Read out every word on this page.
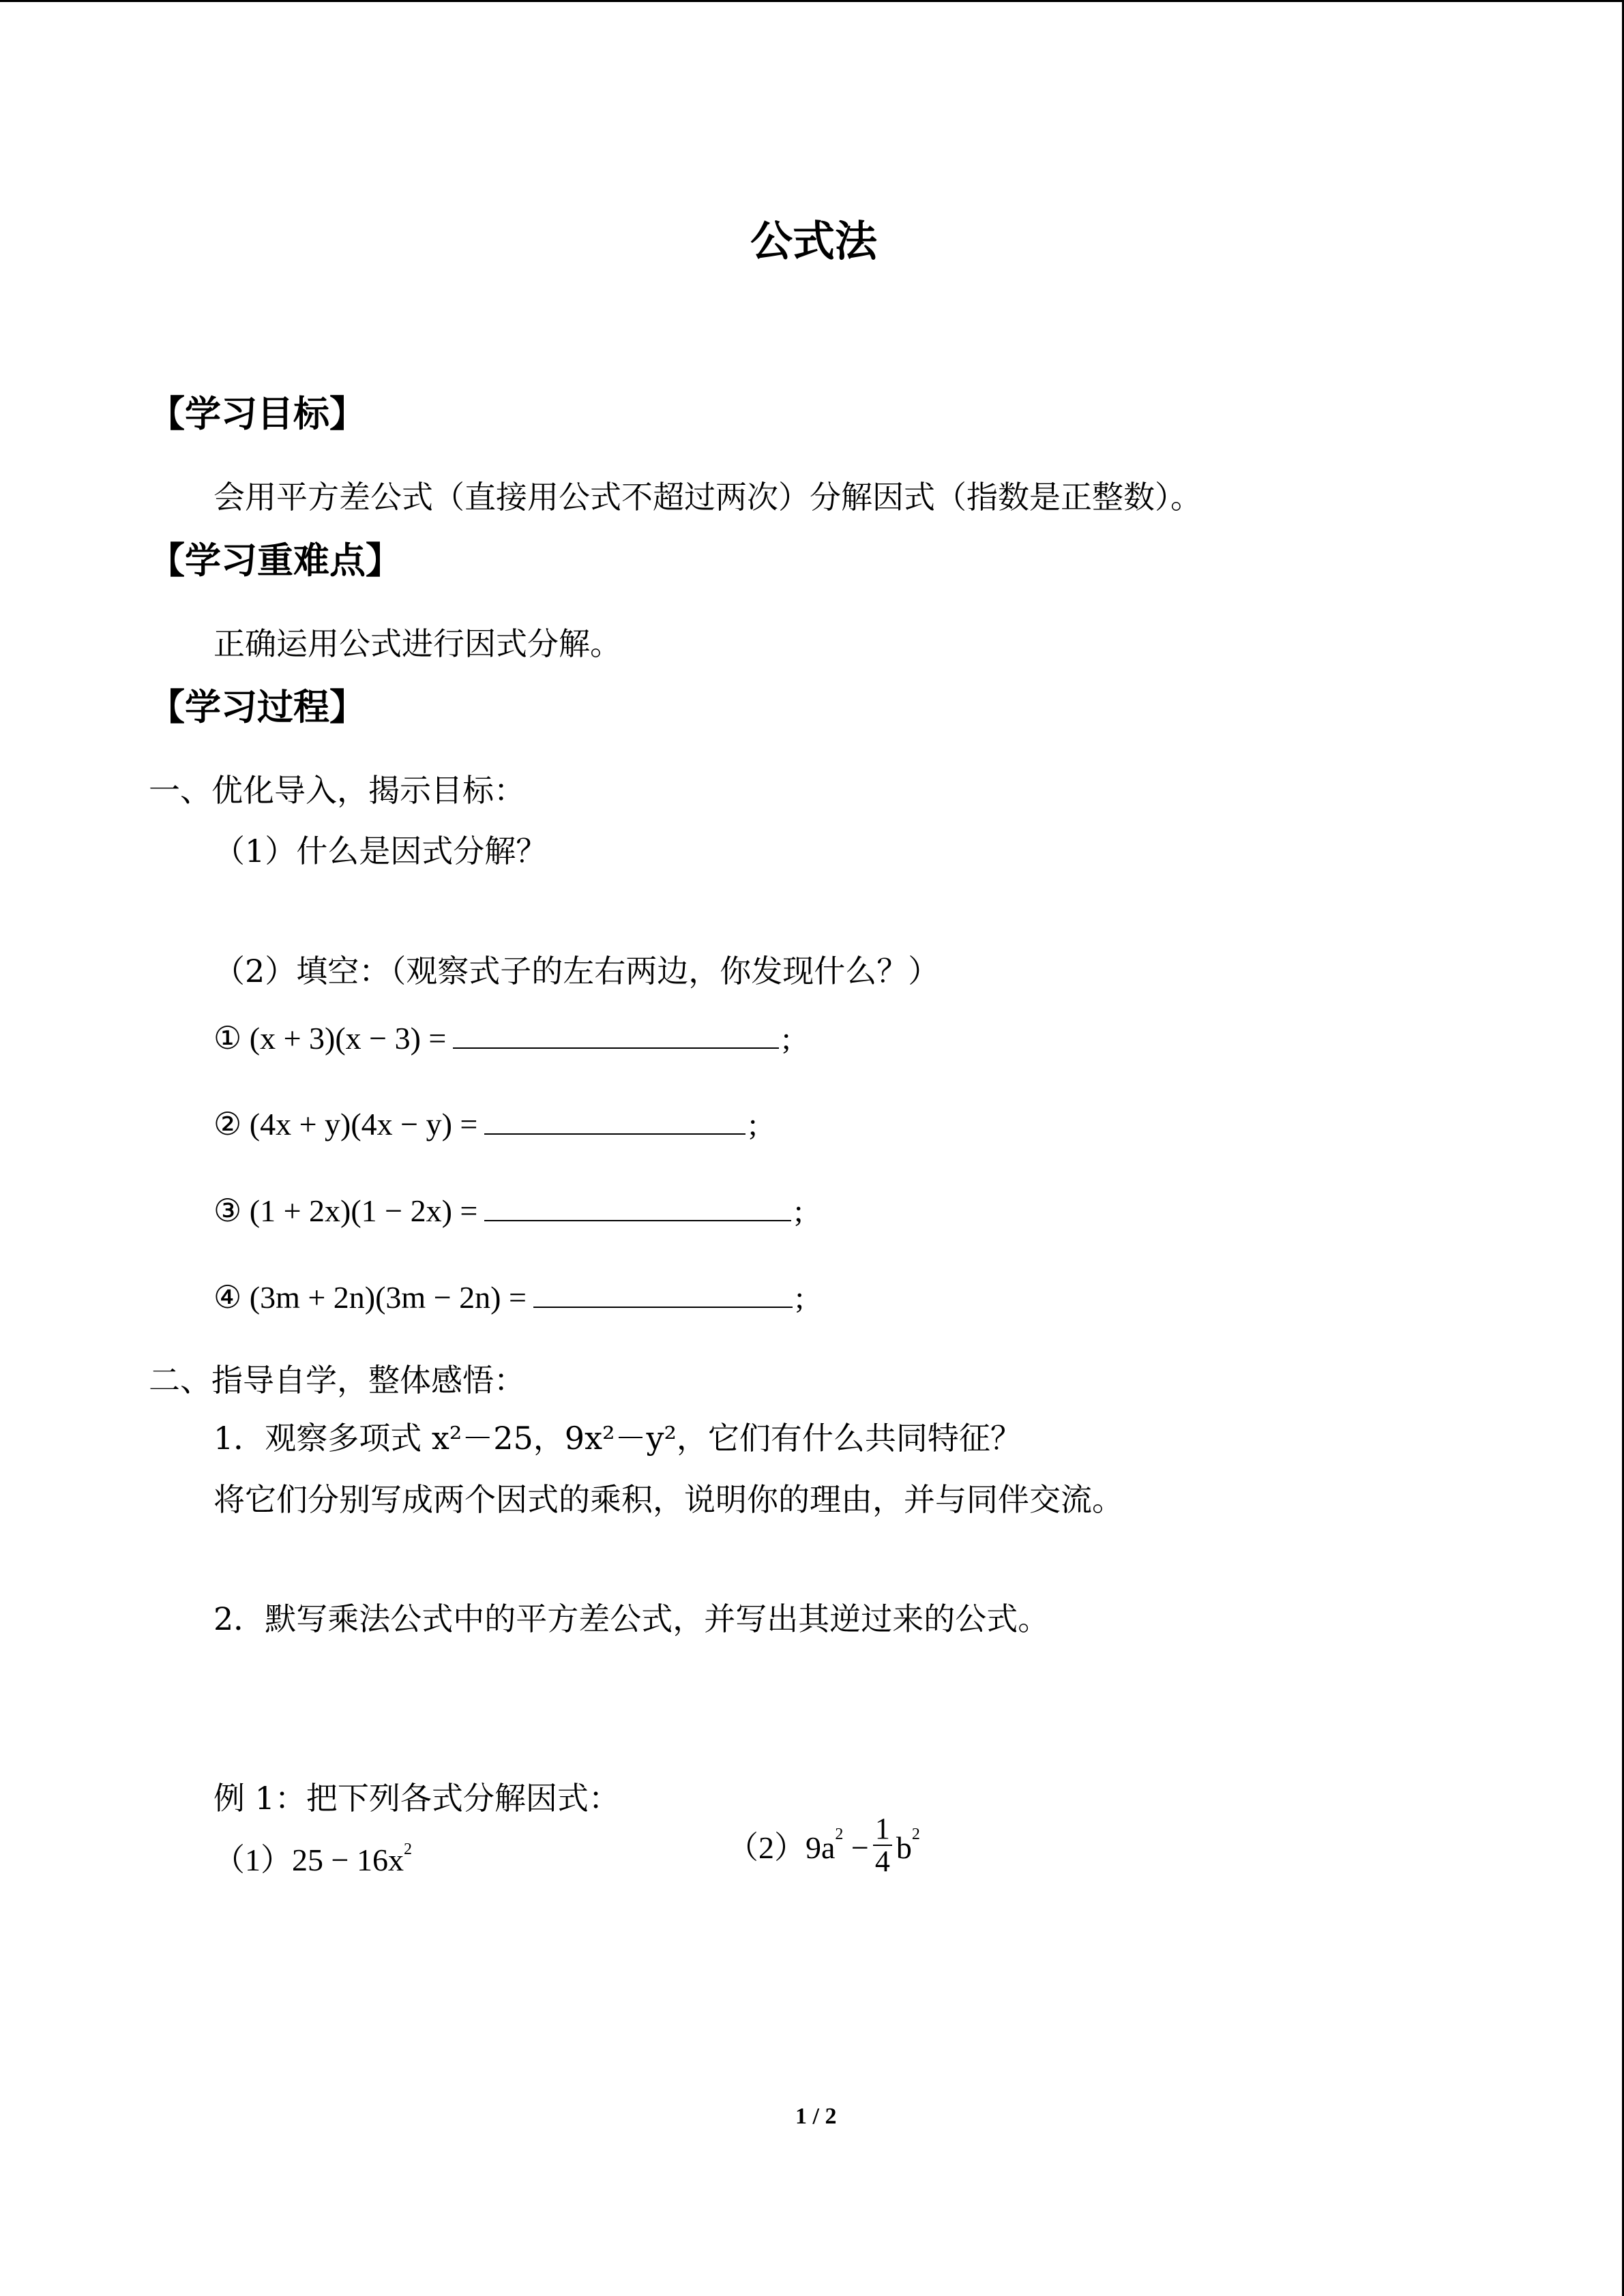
公式法
【学习目标】
会用平方差公式（直接用公式不超过两次）分解因式（指数是正整数）。
【学习重难点】
正确运用公式进行因式分解。
【学习过程】
一、优化导入，揭示目标：
（1）什么是因式分解？
（2）填空：（观察式子的左右两边，你发现什么？）
① (x + 3)(x − 3) =	;
② (4x + y)(4x − y) =	;
③ (1 + 2x)(1 − 2x) =	;
④ (3m + 2n)(3m − 2n) =	;
二、指导自学，整体感悟：
1．观察多项式 x²－25，9x²－y²，它们有什么共同特征？
将它们分别写成两个因式的乘积，说明你的理由，并与同伴交流。
2．默写乘法公式中的平方差公式，并写出其逆过来的公式。
例 1：把下列各式分解因式：
$(1)25 - 16x^2$	$(2)9a^2 - \frac{1}{4} b^2$
1 / 2
